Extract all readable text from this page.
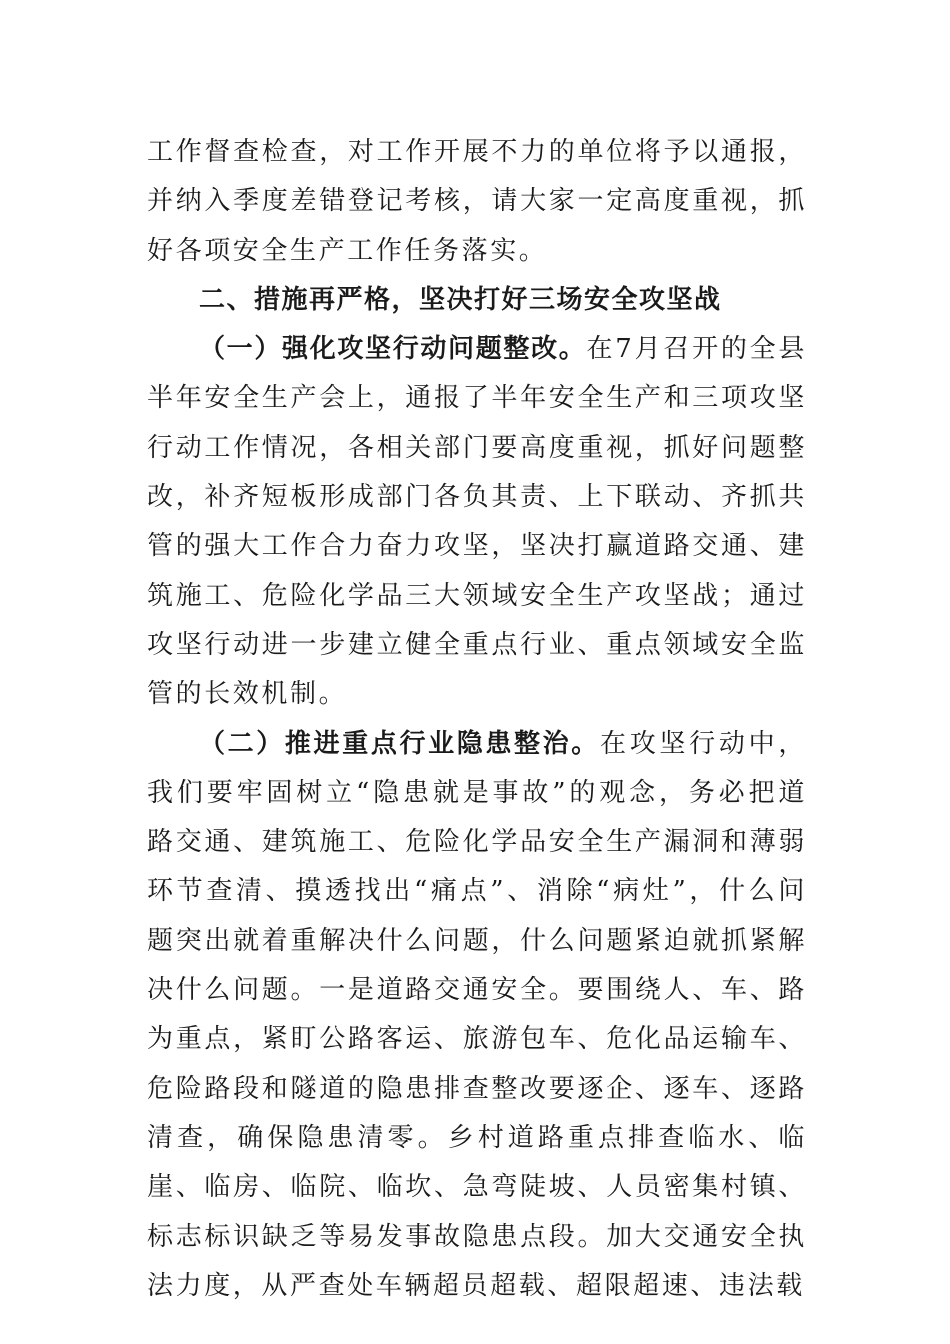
工作督查检查，对工作开展不力的单位将予以通报，并纳入季度差错登记考核，请大家一定高度重视，抓好各项安全生产工作任务落实。

二、措施再严格，坚决打好三场安全攻坚战

（一）强化攻坚行动问题整改。在7月召开的全县半年安全生产会上，通报了半年安全生产和三项攻坚行动工作情况，各相关部门要高度重视，抓好问题整改，补齐短板形成部门各负其责、上下联动、齐抓共管的强大工作合力奋力攻坚，坚决打赢道路交通、建筑施工、危险化学品三大领域安全生产攻坚战；通过攻坚行动进一步建立健全重点行业、重点领域安全监管的长效机制。

（二）推进重点行业隐患整治。在攻坚行动中，我们要牢固树立“隐患就是事故”的观念，务必把道路交通、建筑施工、危险化学品安全生产漏洞和薄弱环节查清、摸透找出“痛点”、消除“病灶”，什么问题突出就着重解决什么问题，什么问题紧迫就抓紧解决什么问题。一是道路交通安全。要围绕人、车、路为重点，紧盯公路客运、旅游包车、危化品运输车、危险路段和隧道的隐患排查整改要逐企、逐车、逐路清查，确保隐患清零。乡村道路重点排查临水、临崖、临房、临院、临坎、急弯陡坡、人员密集村镇、标志标识缺乏等易发事故隐患点段。加大交通安全执法力度，从严查处车辆超员超载、超限超速、违法载
